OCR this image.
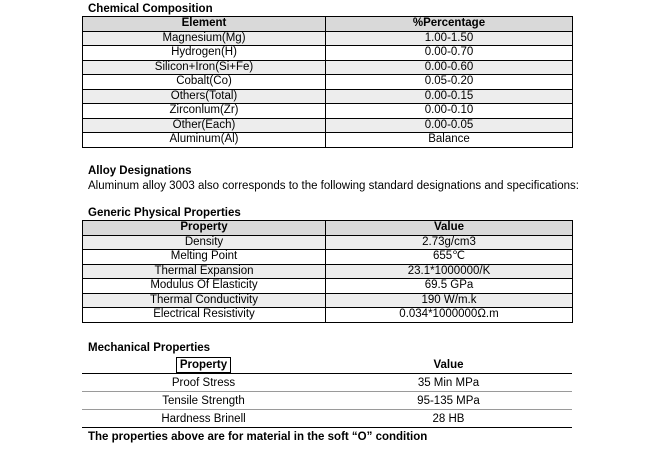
Chemical Composition
Element	%Percentage
Magnesium(Mg)	1.00-1.50
Hydrogen(H)	0.00-0.70
Silicon+Iron(Si+Fe)	0.00-0.60
Cobalt(Co)	0.05-0.20
Others(Total)	0.00-0.15
Zirconlum(Zr)	0.00-0.10
Other(Each)	0.00-0.05
Aluminum(Al)	Balance
Alloy Designations
Aluminum alloy 3003 also corresponds to the following standard designations and specifications:
Generic Physical Properties
Property	Value
Density	2.73g/cm3
Melting Point	655℃
Thermal Expansion	23.1*1000000/K
Modulus Of Elasticity	69.5 GPa
Thermal Conductivity	190 W/m.k
Electrical Resistivity	0.034*1000000Ω.m
Mechanical Properties
Property	Value
Proof Stress	35 Min MPa
Tensile Strength	95-135 MPa
Hardness Brinell	28 HB
The properties above are for material in the soft “O” condition
